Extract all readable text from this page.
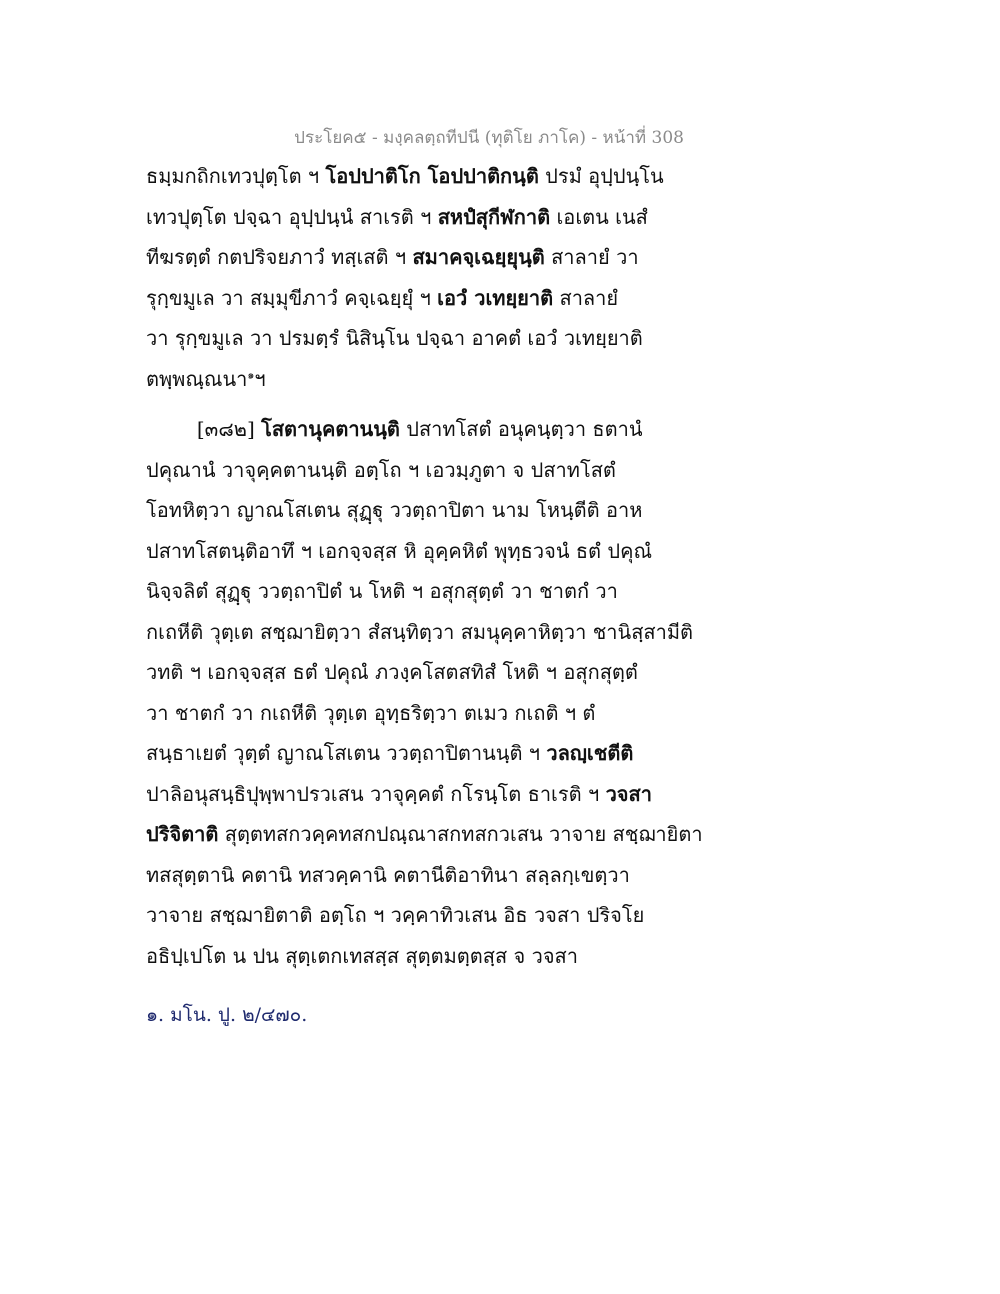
ประโยค๕ - มงฺคลตฺถทีปนี (ทุติโย ภาโค) - หน้าที่ 308
ธมฺมกถิกเทวปุตฺโต ฯ โอปปาติโก โอปปาติกนฺติ ปรมํ อุปฺปนฺโน
เทวปุตฺโต ปจฺฉา อุปฺปนฺนํ สาเรติ ฯ สหปํสุกีฬกาติ เอเตน เนสํ
ทีฆรตฺตํ กตปริจยภาวํ ทสฺเสติ ฯ สมาคจฺเฉยฺยุนฺติ สาลายํ วา
รุกฺขมูเล วา สมฺมุขีภาวํ คจฺเฉยฺยุํ ฯ เอวํ วเทยฺยาติ สาลายํ
วา รุกฺขมูเล วา ปรมตฺรํ นิสินฺโน ปจฺฉา อาคตํ เอวํ วเทยฺยาติ
ตพฺพณฺณนา$^๑$ฯ
[๓๘๒] โสตานุคตานนฺติ ปสาทโสตํ อนุคนฺตฺวา ธตานํ
ปคุณานํ วาจุคฺคตานนฺติ อตฺโถ ฯ เอวมฺภูตา จ ปสาทโสตํ
โอทหิตฺวา ญาณโสเตน สุฏฺฐุ ววตฺถาปิตา นาม โหนฺตีติ อาห
ปสาทโสตนฺติอาทึ ฯ เอกจฺจสฺส หิ อุคฺคหิตํ พุทฺธวจนํ ธตํ ปคุณํ
นิจฺจลิตํ สุฏฺฐุ ววตฺถาปิตํ น โหติ ฯ อสุกสุตฺตํ วา ชาตกํ วา
กเถหีติ วุตฺเต สชฺฌายิตฺวา สํสนฺทิตฺวา สมนุคฺคาหิตฺวา ชานิสฺสามีติ
วทติ ฯ เอกจฺจสฺส ธตํ ปคุณํ ภวงฺคโสตสทิสํ โหติ ฯ อสุกสุตฺตํ
วา ชาตกํ วา กเถหีติ วุตฺเต อุทฺธริตฺวา ตเมว กเถติ ฯ ตํ
สนฺธาเยตํ วุตฺตํ ญาณโสเตน ววตฺถาปิตานนฺติ ฯ วลญฺเชตีติ
ปาลิอนุสนฺธิปุพฺพาปรวเสน วาจุคฺคตํ กโรนฺโต ธาเรติ ฯ วจสา
ปริจิตาติ สุตฺตทสกวคฺคทสกปณฺณาสกทสกวเสน วาจาย สชฺฌายิตา
ทสสุตฺตานิ คตานิ ทสวคฺคานิ คตานีติอาทินา สลฺลกฺเขตฺวา
วาจาย สชฺฌายิตาติ อตฺโถ ฯ วคฺคาทิวเสน อิธ วจสา ปริจโย
อธิปฺเปโต น ปน สุตฺเตกเทสสฺส สุตฺตมตฺตสฺส จ วจสา
๑. มโน. ปู. ๒/๔๗๐.
